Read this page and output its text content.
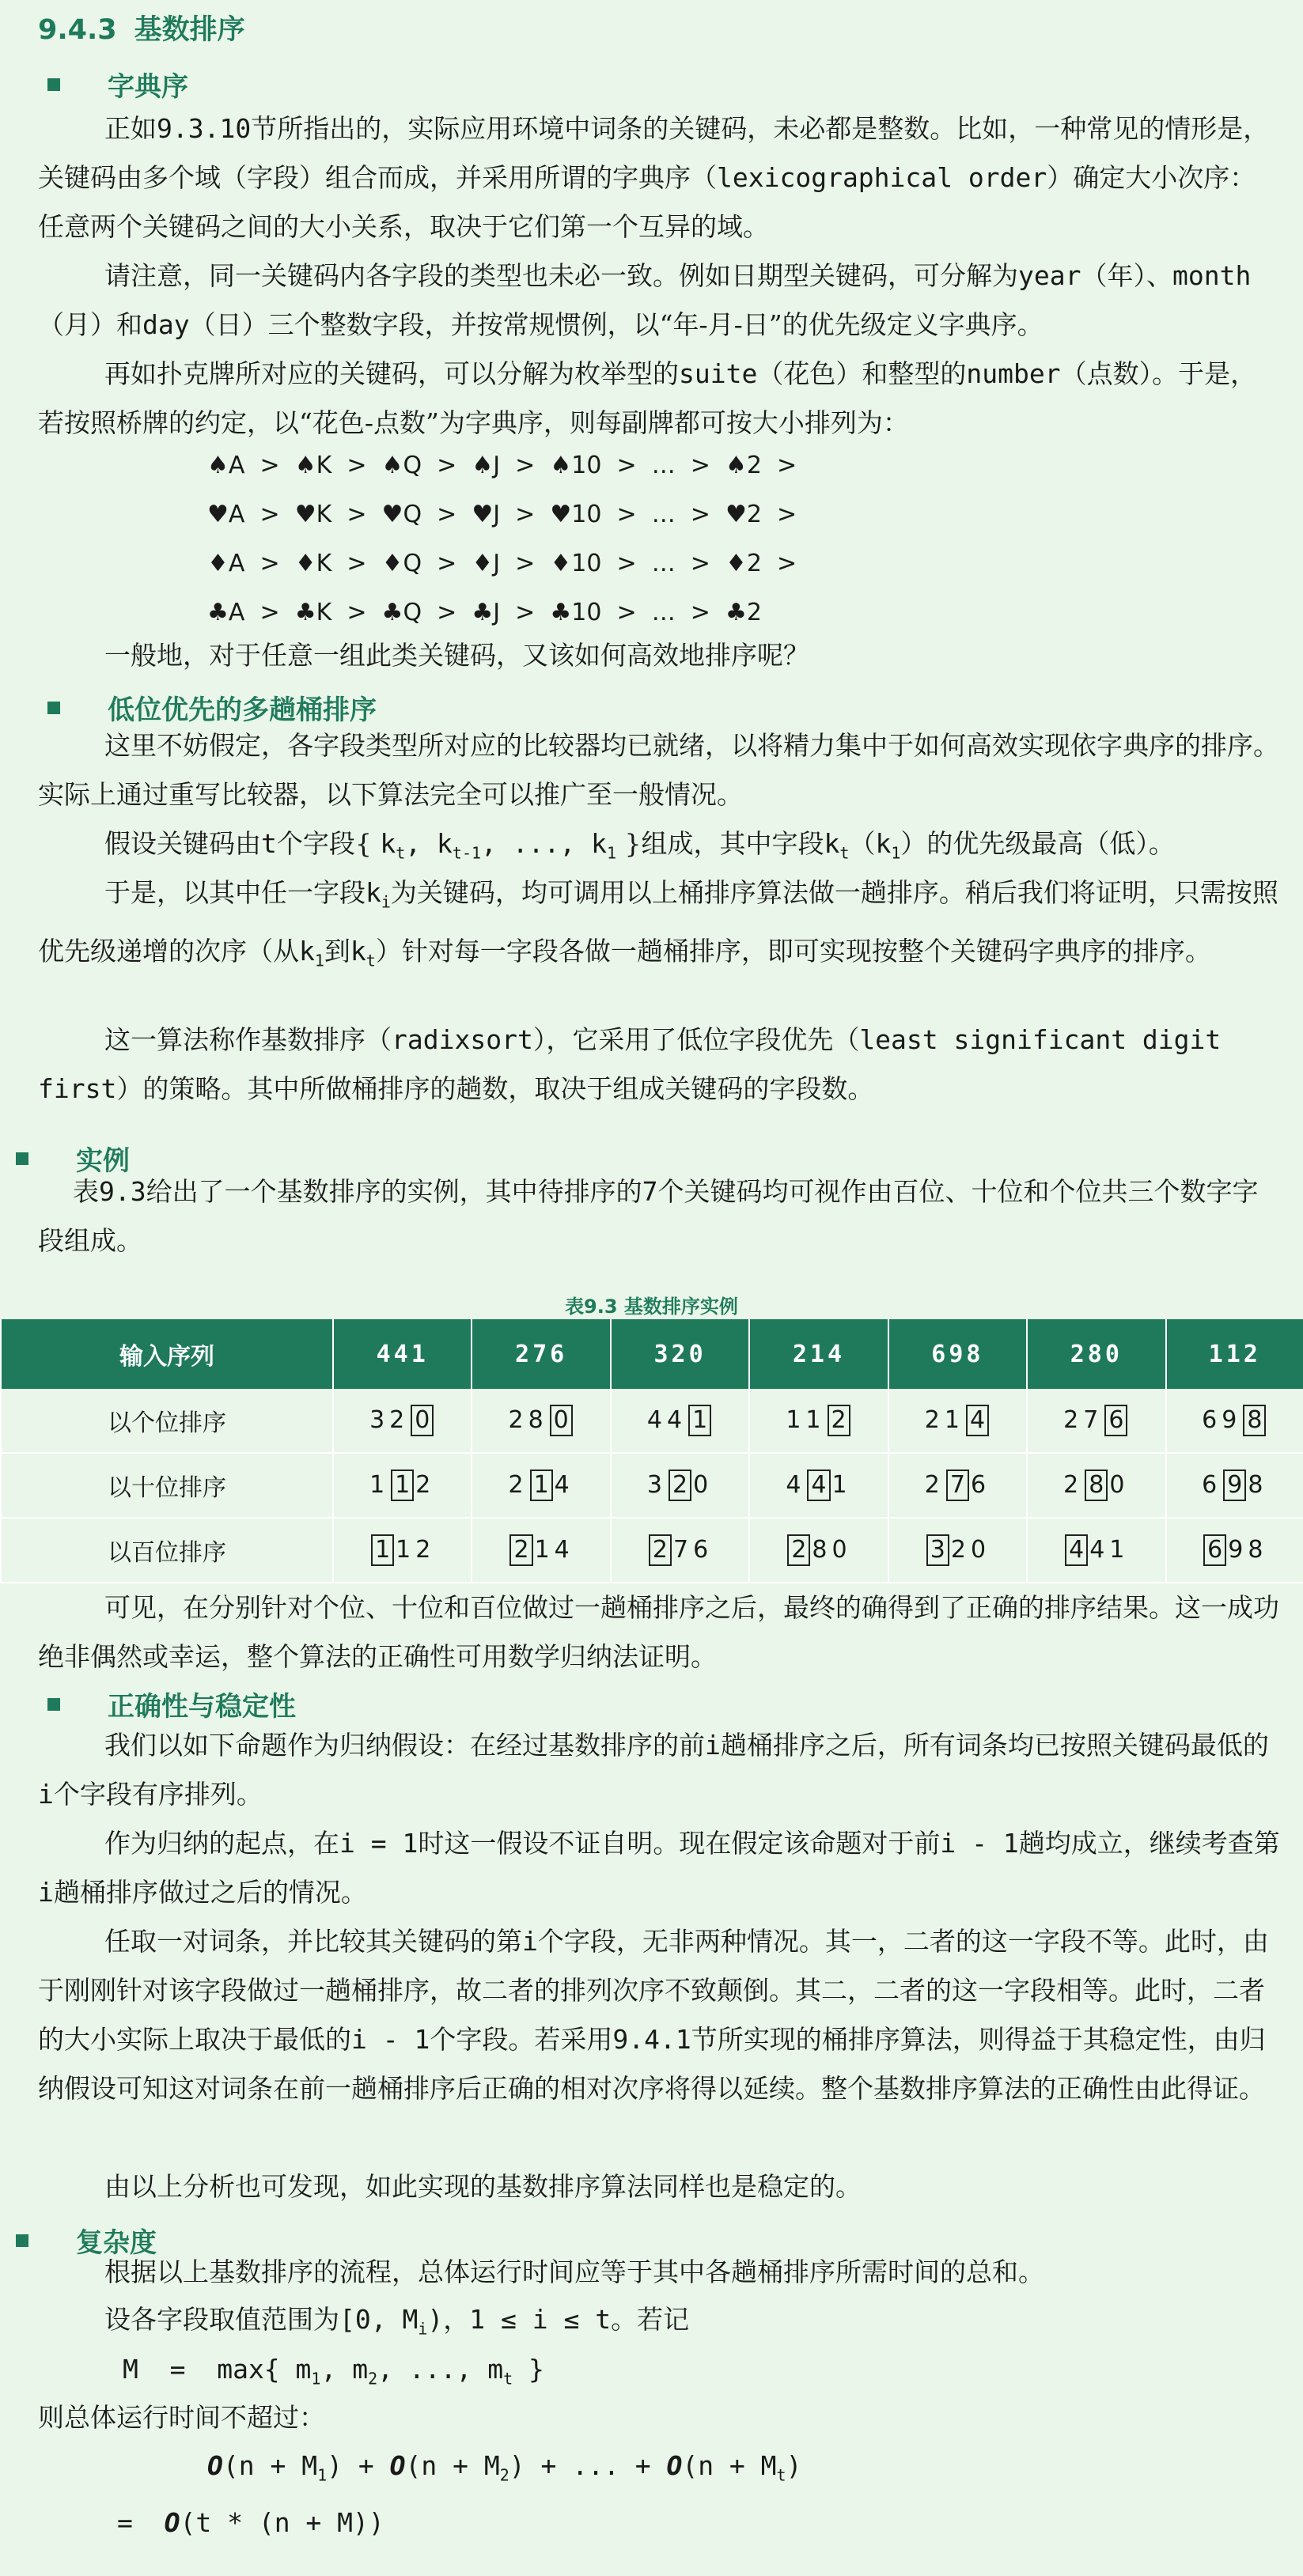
9.4.3 基数排序
字典序
正如9.3.10节所指出的，实际应用环境中词条的关键码，未必都是整数。比如，一种常见的情形是，关键码由多个域（字段）组合而成，并采用所谓的字典序（lexicographical order）确定大小次序：任意两个关键码之间的大小关系，取决于它们第一个互异的域。
请注意，同一关键码内各字段的类型也未必一致。例如日期型关键码，可分解为year（年）、month（月）和day（日）三个整数字段，并按常规惯例，以“年-月-日”的优先级定义字典序。
再如扑克牌所对应的关键码，可以分解为枚举型的suite（花色）和整型的number（点数）。于是，若按照桥牌的约定，以“花色-点数”为字典序，则每副牌都可按大小排列为：
♠A  >  ♠K  >  ♠Q  >  ♠J  >  ♠10  >  …  >  ♠2  >
♥A  >  ♥K  >  ♥Q  >  ♥J  >  ♥10  >  …  >  ♥2  >
♦A  >  ♦K  >  ♦Q  >  ♦J  >  ♦10  >  …  >  ♦2  >
♣A  >  ♣K  >  ♣Q  >  ♣J  >  ♣10  >  …  >  ♣2
一般地，对于任意一组此类关键码，又该如何高效地排序呢？
低位优先的多趟桶排序
这里不妨假定，各字段类型所对应的比较器均已就绪，以将精力集中于如何高效实现依字典序的排序。实际上通过重写比较器，以下算法完全可以推广至一般情况。
假设关键码由t个字段{ $k_t$, $k_{t-1}$, ..., $k_1$ }组成，其中字段$k_t(k_1)$的优先级最高（低）。
于是，以其中任一字段$k_i$为关键码，均可调用以上桶排序算法做一趟排序。稍后我们将证明，只需按照优先级递增的次序（从$k_1$到$k_t$）针对每一字段各做一趟桶排序，即可实现按整个关键码字典序的排序。
这一算法称作基数排序（radixsort），它采用了低位字段优先（least significant digit first）的策略。其中所做桶排序的趟数，取决于组成关键码的字段数。
实例
表9.3给出了一个基数排序的实例，其中待排序的7个关键码均可视作由百位、十位和个位共三个数字字段组成。
表9.3 基数排序实例
输入序列	441	276	320	214	698	280	112
以个位排序	32 0	28 0	44 1	11 2	21 4	27 6	69 8
以十位排序	1 1 2	2 1 4	3 2 0	4 4 1	2 7 6	2 8 0	6 9 8
以百位排序	1 12	2 14	2 76	2 80	3 20	4 41	6 98
可见，在分别针对个位、十位和百位做过一趟桶排序之后，最终的确得到了正确的排序结果。这一成功绝非偶然或幸运，整个算法的正确性可用数学归纳法证明。
正确性与稳定性
我们以如下命题作为归纳假设：在经过基数排序的前i趟桶排序之后，所有词条均已按照关键码最低的i个字段有序排列。
作为归纳的起点，在i = 1时这一假设不证自明。现在假定该命题对于前i - 1趟均成立，继续考查第i趟桶排序做过之后的情况。
任取一对词条，并比较其关键码的第i个字段，无非两种情况。其一，二者的这一字段不等。此时，由于刚刚针对该字段做过一趟桶排序，故二者的排列次序不致颠倒。其二，二者的这一字段相等。此时，二者的大小实际上取决于最低的i - 1个字段。若采用9.4.1节所实现的桶排序算法，则得益于其稳定性，由归纳假设可知这对词条在前一趟桶排序后正确的相对次序将得以延续。整个基数排序算法的正确性由此得证。
由以上分析也可发现，如此实现的基数排序算法同样也是稳定的。
复杂度
根据以上基数排序的流程，总体运行时间应等于其中各趟桶排序所需时间的总和。
设各字段取值范围为[0, $M_i$)，1 ≤ i ≤ t。若记
M  =  max{ $m_1$, $m_2$, ..., $m_t$ }
则总体运行时间不超过：
$O(n + M_1) + O(n + M_2)$ + ... + $O(n + M_t)$
=  O(t * (n + M))
